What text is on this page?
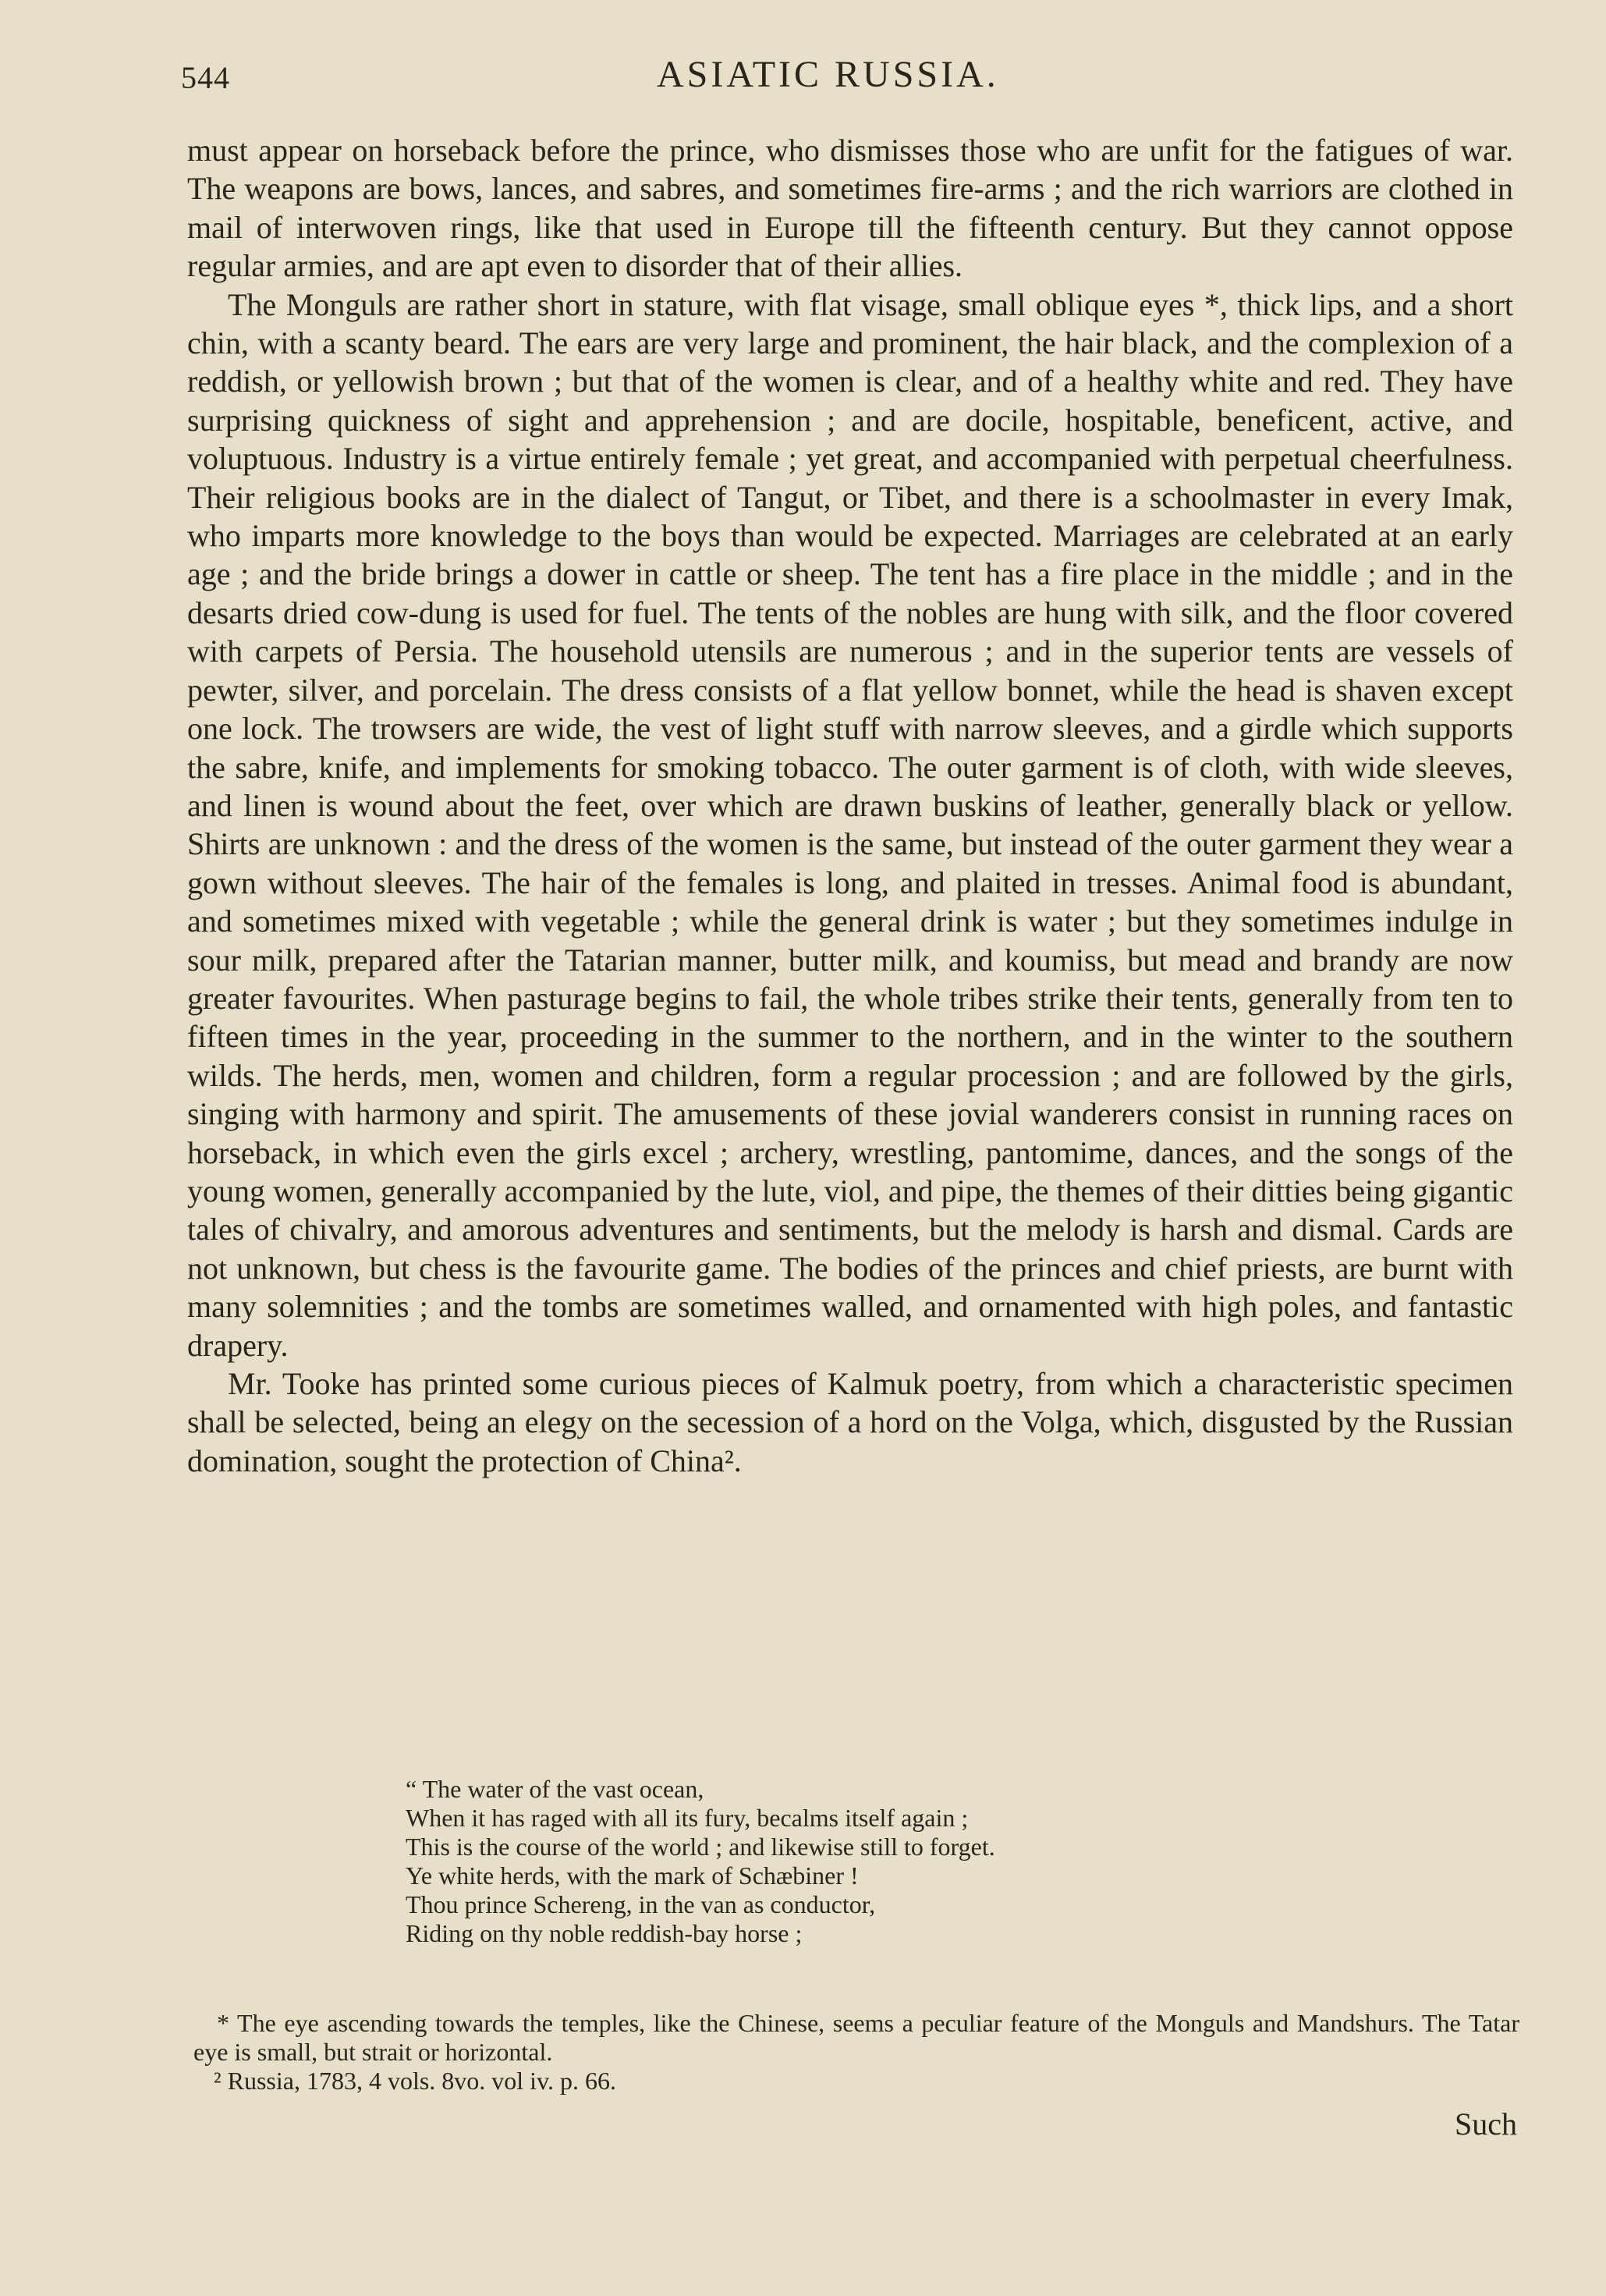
544	ASIATIC RUSSIA.

must appear on horseback before the prince, who dismisses those who are unfit for the fatigues of war. The weapons are bows, lances, and sabres, and sometimes fire-arms ; and the rich warriors are clothed in mail of interwoven rings, like that used in Europe till the fifteenth century. But they cannot oppose regular armies, and are apt even to disorder that of their allies.

The Monguls are rather short in stature, with flat visage, small oblique eyes *, thick lips, and a short chin, with a scanty beard. The ears are very large and prominent, the hair black, and the complexion of a reddish, or yellowish brown ; but that of the women is clear, and of a healthy white and red. They have surprising quickness of sight and apprehension ; and are docile, hospitable, beneficent, active, and voluptuous. Industry is a virtue entirely female ; yet great, and accompanied with perpetual cheerfulness. Their religious books are in the dialect of Tangut, or Tibet, and there is a schoolmaster in every Imak, who imparts more knowledge to the boys than would be expected. Marriages are celebrated at an early age ; and the bride brings a dower in cattle or sheep. The tent has a fire place in the middle ; and in the desarts dried cow-dung is used for fuel. The tents of the nobles are hung with silk, and the floor covered with carpets of Persia. The household utensils are numerous ; and in the superior tents are vessels of pewter, silver, and porcelain. The dress consists of a flat yellow bonnet, while the head is shaven except one lock. The trowsers are wide, the vest of light stuff with narrow sleeves, and a girdle which supports the sabre, knife, and implements for smoking tobacco. The outer garment is of cloth, with wide sleeves, and linen is wound about the feet, over which are drawn buskins of leather, generally black or yellow. Shirts are unknown : and the dress of the women is the same, but instead of the outer garment they wear a gown without sleeves. The hair of the females is long, and plaited in tresses. Animal food is abundant, and sometimes mixed with vegetable ; while the general drink is water ; but they sometimes indulge in sour milk, prepared after the Tatarian manner, butter milk, and koumiss, but mead and brandy are now greater favourites. When pasturage begins to fail, the whole tribes strike their tents, generally from ten to fifteen times in the year, proceeding in the summer to the northern, and in the winter to the southern wilds. The herds, men, women and children, form a regular procession ; and are followed by the girls, singing with harmony and spirit. The amusements of these jovial wanderers consist in running races on horseback, in which even the girls excel ; archery, wrestling, pantomime, dances, and the songs of the young women, generally accompanied by the lute, viol, and pipe, the themes of their ditties being gigantic tales of chivalry, and amorous adventures and sentiments, but the melody is harsh and dismal. Cards are not unknown, but chess is the favourite game. The bodies of the princes and chief priests, are burnt with many solemnities ; and the tombs are sometimes walled, and ornamented with high poles, and fantastic drapery.

Mr. Tooke has printed some curious pieces of Kalmuk poetry, from which a characteristic specimen shall be selected, being an elegy on the secession of a hord on the Volga, which, disgusted by the Russian domination, sought the protection of China².

“ The water of the vast ocean,
When it has raged with all its fury, becalms itself again ;
This is the course of the world ; and likewise still to forget.
Ye white herds, with the mark of Schæbiner !
Thou prince Schereng, in the van as conductor,
Riding on thy noble reddish-bay horse ;

* The eye ascending towards the temples, like the Chinese, seems a peculiar feature of the Monguls and Mandshurs. The Tatar eye is small, but strait or horizontal.

² Russia, 1783, 4 vols. 8vo. vol iv. p. 66.

Such
